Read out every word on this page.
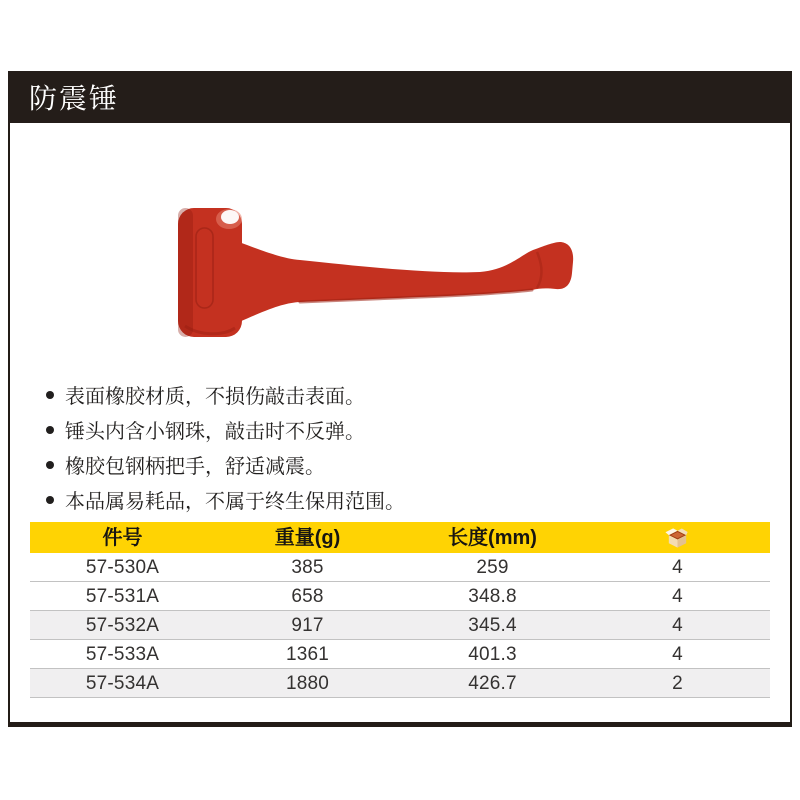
防震锤
表面橡胶材质，不损伤敲击表面。
锤头内含小钢珠，敲击时不反弹。
橡胶包钢柄把手，舒适减震。
本品属易耗品，不属于终生保用范围。
件号	重量(g)	长度(mm)
57-530A	385	259	4
57-531A	658	348.8	4
57-532A	917	345.4	4
57-533A	1361	401.3	4
57-534A	1880	426.7	2
